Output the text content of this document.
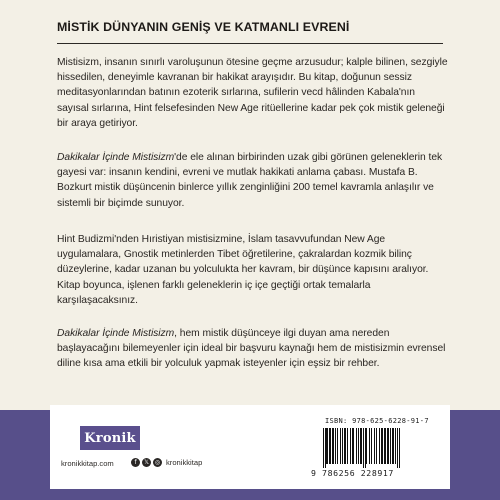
MİSTİK DÜNYANIN GENİŞ VE KATMANLI EVRENİ

Mistisizm, insanın sınırlı varoluşunun ötesine geçme arzusudur; kalple bilinen, sezgiyle hissedilen, deneyimle kavranan bir hakikat arayışıdır. Bu kitap, doğunun sessiz meditasyonlarından batının ezoterik sırlarına, sufilerin vecd hâlinden Kabala'nın sayısal sırlarına, Hint felsefesinden New Age ritüellerine kadar pek çok mistik geleneği bir araya getiriyor.

Dakikalar İçinde Mistisizm'de ele alınan birbirinden uzak gibi görünen geleneklerin tek gayesi var: insanın kendini, evreni ve mutlak hakikati anlama çabası. Mustafa B. Bozkurt mistik düşüncenin binlerce yıllık zenginliğini 200 temel kavramla anlaşılır ve sistemli bir biçimde sunuyor.

Hint Budizmi'nden Hıristiyan mistisizmine, İslam tasavvufundan New Age uygulamalara, Gnostik metinlerden Tibet öğretilerine, çakralardan kozmik bilinç düzeylerine, kadar uzanan bu yolculukta her kavram, bir düşünce kapısını aralıyor. Kitap boyunca, işlenen farklı geleneklerin iç içe geçtiği ortak temalarla karşılaşacaksınız.

Dakikalar İçinde Mistisizm, hem mistik düşünceye ilgi duyan ama nereden başlayacağını bilemeyenler için ideal bir başvuru kaynağı hem de mistisizmin evrensel diline kısa ama etkili bir yolculuk yapmak isteyenler için eşsiz bir rehber.

Kronik
kronikkitap.com	f	𝕏 ◎ kronikkitap
ISBN: 978-625-6228-91-7
9 786256 228917
